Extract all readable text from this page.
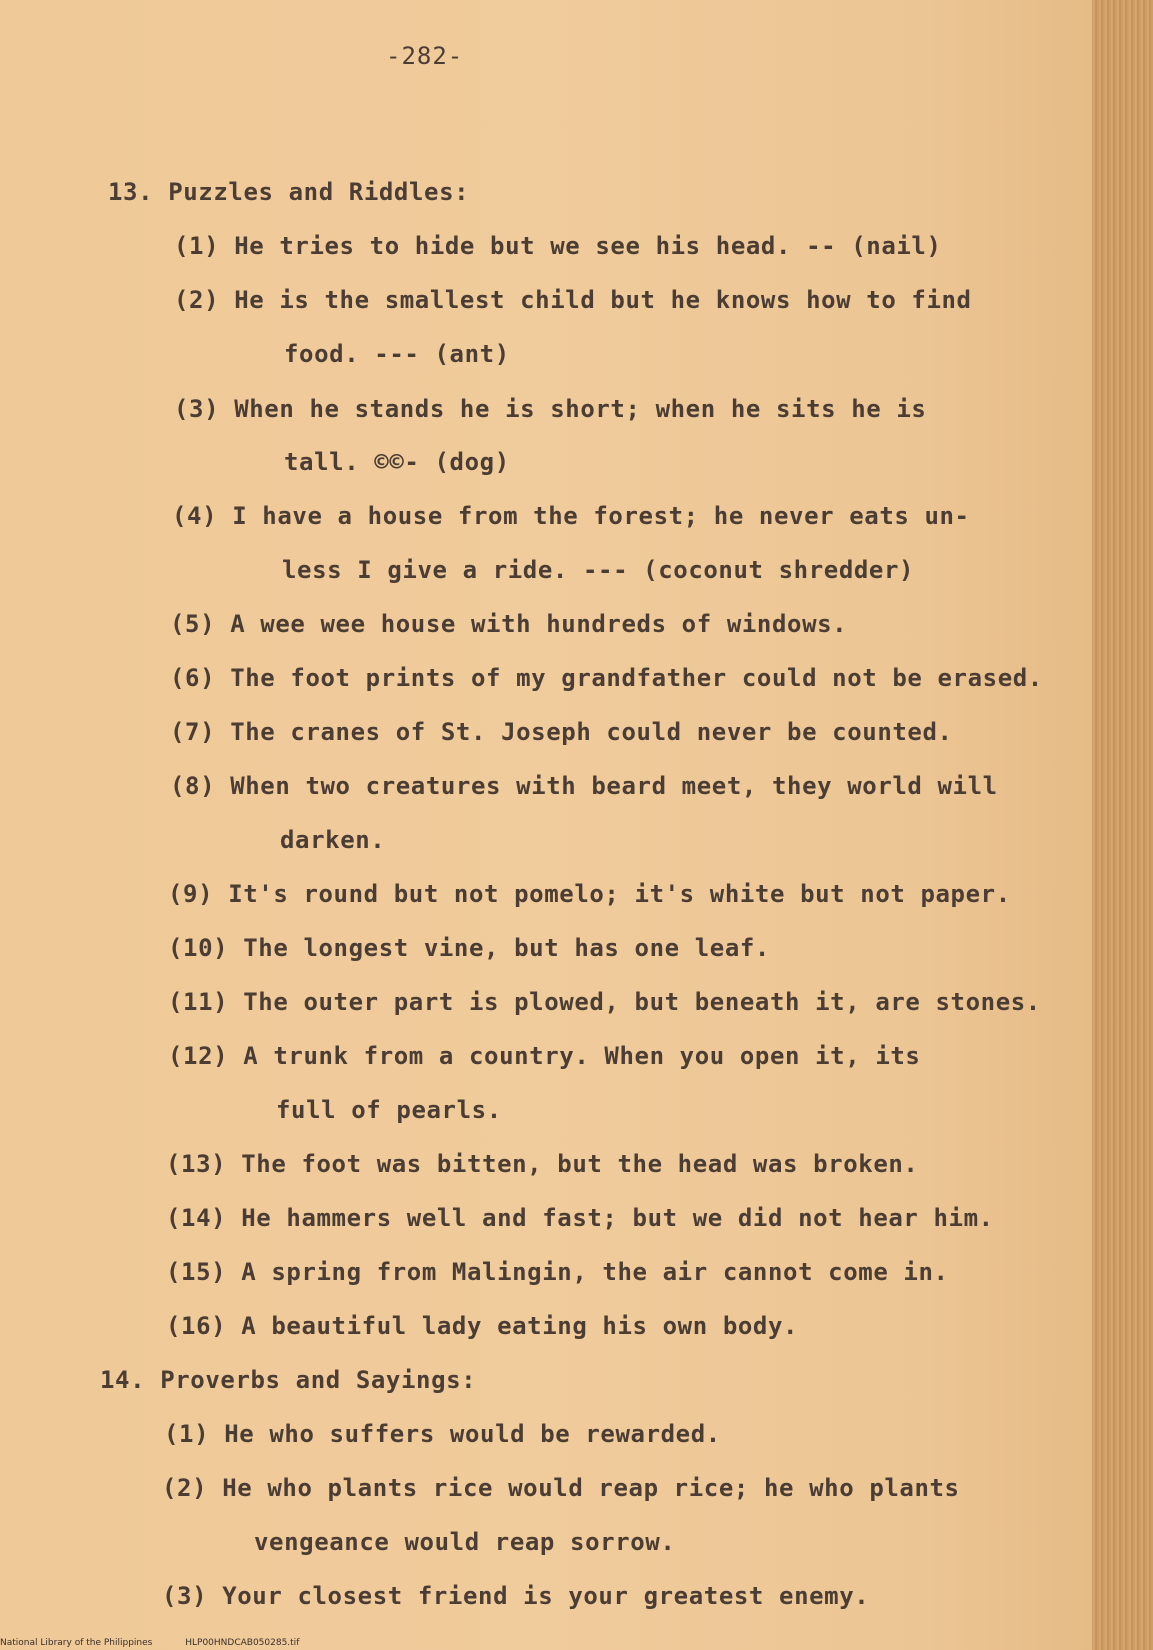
-282-
13. Puzzles and Riddles:
(1) He tries to hide but we see his head. -- (nail)
(2) He is the smallest child but he knows how to find
food. --- (ant)
(3) When he stands he is short; when he sits he is
tall. ©©- (dog)
(4) I have a house from the forest; he never eats un-
less I give a ride. --- (coconut shredder)
(5) A wee wee house with hundreds of windows.
(6) The foot prints of my grandfather could not be erased.
(7) The cranes of St. Joseph could never be counted.
(8) When two creatures with beard meet, they world will
darken.
(9) It's round but not pomelo; it's white but not paper.
(10) The longest vine, but has one leaf.
(11) The outer part is plowed, but beneath it, are stones.
(12) A trunk from a country. When you open it, its
full of pearls.
(13) The foot was bitten, but the head was broken.
(14) He hammers well and fast; but we did not hear him.
(15) A spring from Malingin, the air cannot come in.
(16) A beautiful lady eating his own body.
14. Proverbs and Sayings:
(1) He who suffers would be rewarded.
(2) He who plants rice would reap rice; he who plants
vengeance would reap sorrow.
(3) Your closest friend is your greatest enemy.
National Library of the Philippines	HLP00HNDCAB050285.tif
